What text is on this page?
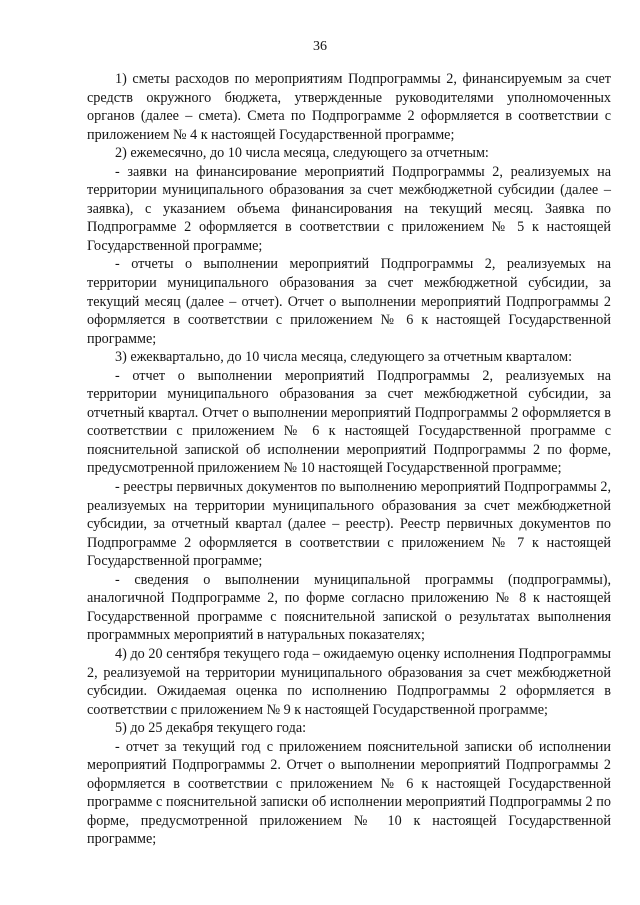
36

1) сметы расходов по мероприятиям Подпрограммы 2, финансируемым за счет средств окружного бюджета, утвержденные руководителями уполномоченных органов (далее – смета). Смета по Подпрограмме 2 оформляется в соответствии с приложением № 4 к настоящей Государственной программе;

2) ежемесячно, до 10 числа месяца, следующего за отчетным:

- заявки на финансирование мероприятий Подпрограммы 2, реализуемых на территории муниципального образования за счет межбюджетной субсидии (далее – заявка), с указанием объема финансирования на текущий месяц. Заявка по Подпрограмме 2 оформляется в соответствии с приложением № 5 к настоящей Государственной программе;

- отчеты о выполнении мероприятий Подпрограммы 2, реализуемых на территории муниципального образования за счет межбюджетной субсидии, за текущий месяц (далее – отчет). Отчет о выполнении мероприятий Подпрограммы 2 оформляется в соответствии с приложением № 6 к настоящей Государственной программе;

3) ежеквартально, до 10 числа месяца, следующего за отчетным кварталом:

- отчет о выполнении мероприятий Подпрограммы 2, реализуемых на территории муниципального образования за счет межбюджетной субсидии, за отчетный квартал. Отчет о выполнении мероприятий Подпрограммы 2 оформляется в соответствии с приложением № 6 к настоящей Государственной программе с пояснительной запиской об исполнении мероприятий Подпрограммы 2 по форме, предусмотренной приложением № 10 настоящей Государственной программе;

- реестры первичных документов по выполнению мероприятий Подпрограммы 2, реализуемых на территории муниципального образования за счет межбюджетной субсидии, за отчетный квартал (далее – реестр). Реестр первичных документов по Подпрограмме 2 оформляется в соответствии с приложением № 7 к настоящей Государственной программе;

- сведения о выполнении муниципальной программы (подпрограммы), аналогичной Подпрограмме 2, по форме согласно приложению № 8 к настоящей Государственной программе с пояснительной запиской о результатах выполнения программных мероприятий в натуральных показателях;

4) до 20 сентября текущего года – ожидаемую оценку исполнения Подпрограммы 2, реализуемой на территории муниципального образования за счет межбюджетной субсидии. Ожидаемая оценка по исполнению Подпрограммы 2 оформляется в соответствии с приложением № 9 к настоящей Государственной программе;

5) до 25 декабря текущего года:

- отчет за текущий год с приложением пояснительной записки об исполнении мероприятий Подпрограммы 2. Отчет о выполнении мероприятий Подпрограммы 2 оформляется в соответствии с приложением № 6 к настоящей Государственной программе с пояснительной записки об исполнении мероприятий Подпрограммы 2 по форме, предусмотренной приложением № 10 к настоящей Государственной программе;
